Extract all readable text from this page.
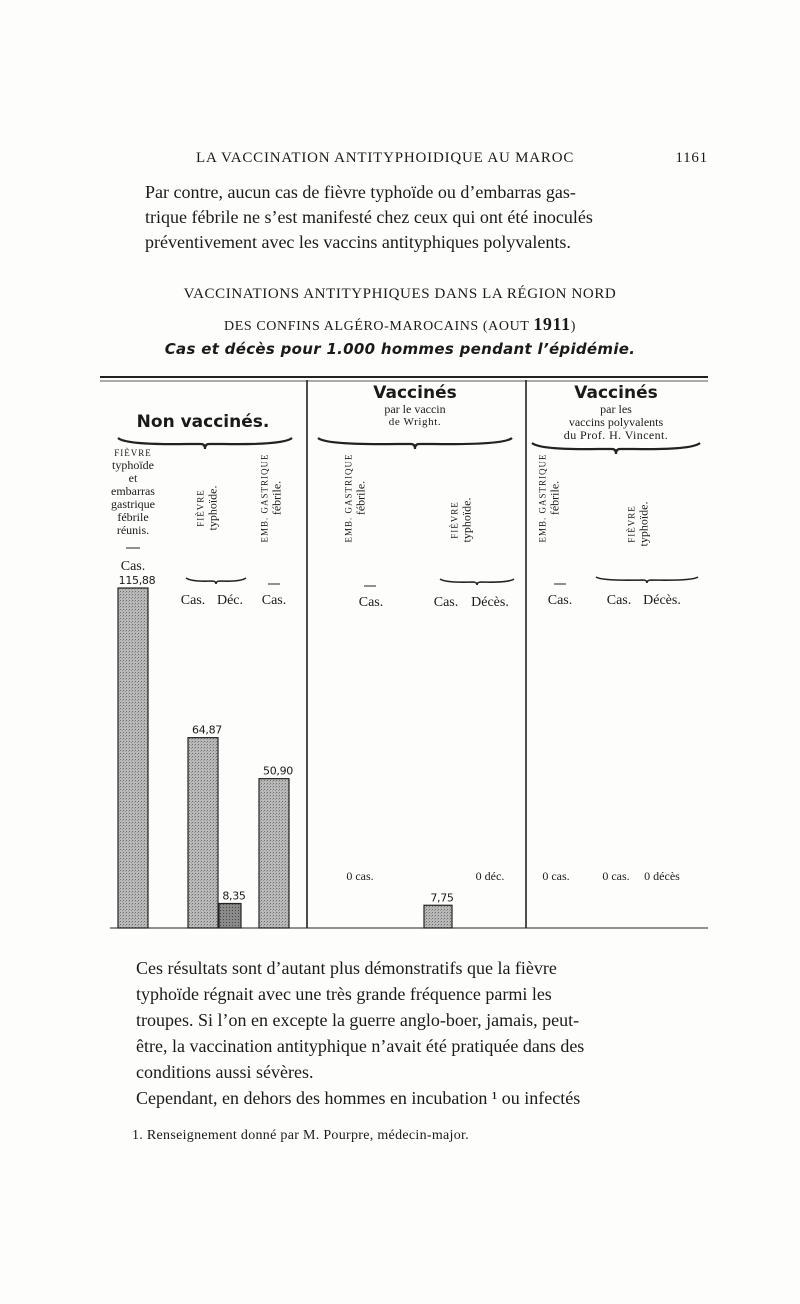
LA VACCINATION ANTITYPHOIDIQUE AU MAROC	1161
Par contre, aucun cas de fièvre typhoïde ou d’embarras gas-
trique fébrile ne s’est manifesté chez ceux qui ont été inoculés
préventivement avec les vaccins antityphiques polyvalents.
VACCINATIONS ANTITYPHIQUES DANS LA RÉGION NORD
DES CONFINS ALGÉRO-MAROCAINS (AOUT 1911)
Cas et décès pour 1.000 hommes pendant l’épidémie.
Non vaccinés.
Vaccinés
par le vaccin
de Wright.
Vaccinés
par les
vaccins polyvalents
du Prof. H. Vincent.
FIÈVRE
typhoïde
et
embarras
gastrique
fébrile
réunis.
Cas.
115,88
FIÈVRE typhoïde.
Cas.
64,87
Déc.
8,35
EMB. GASTRIQUE fébrile.
Cas.
50,90
EMB. GASTRIQUE fébrile.
Cas.
0 cas.
FIÈVRE typhoïde.
Cas.
7,75
Décès.
0 déc.
EMB. GASTRIQUE fébrile.
Cas.
0 cas.
FIÈVRE typhoïde.
Cas.
0 cas.
Décès.
0 décès
Ces résultats sont d’autant plus démonstratifs que la fièvre
typhoïde régnait avec une très grande fréquence parmi les
troupes. Si l’on en excepte la guerre anglo-boer, jamais, peut-
être, la vaccination antityphique n’avait été pratiquée dans des
conditions aussi sévères.
Cependant, en dehors des hommes en incubation ¹ ou infectés
1. Renseignement donné par M. Pourpre, médecin-major.
